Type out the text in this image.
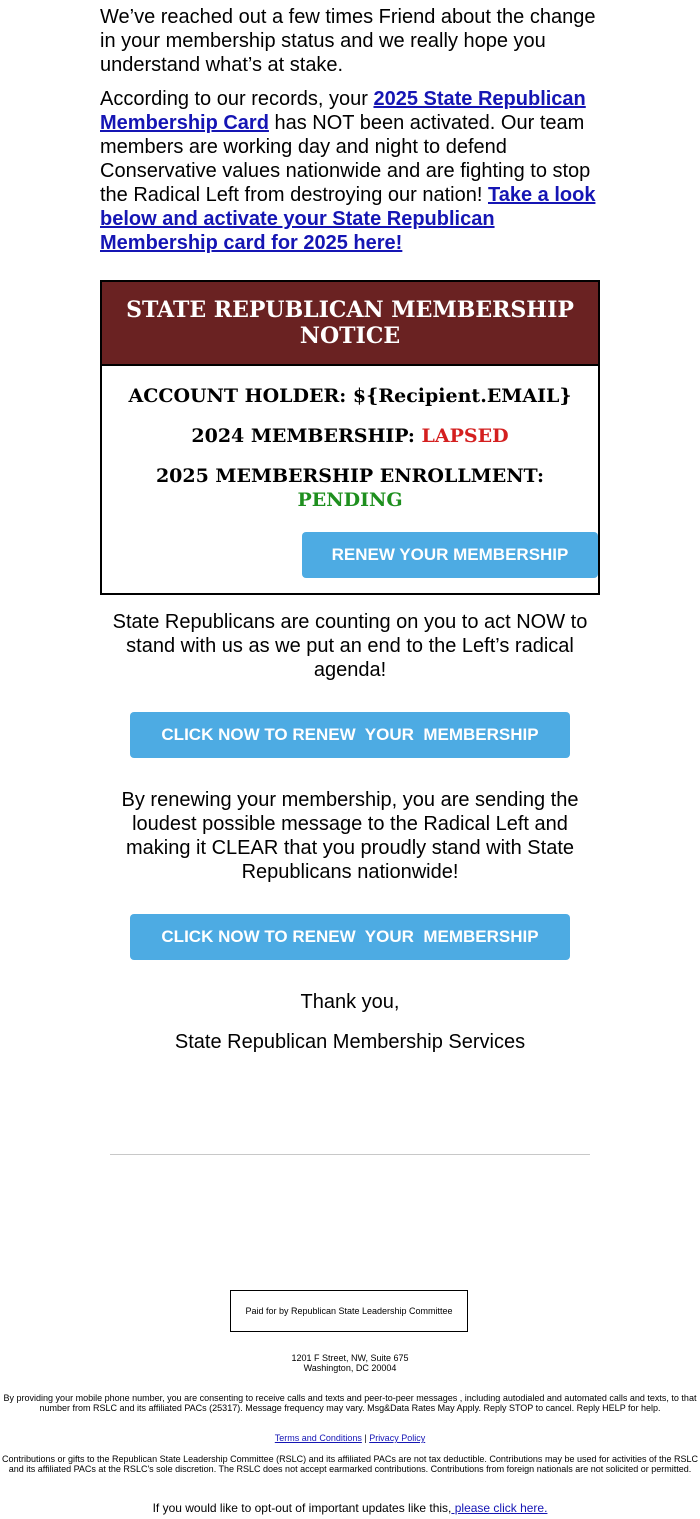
We’ve reached out a few times Friend about the change in your membership status and we really hope you understand what’s at stake.

According to our records, your 2025 State Republican Membership Card has NOT been activated. Our team members are working day and night to defend Conservative values nationwide and are fighting to stop the Radical Left from destroying our nation! Take a look below and activate your State Republican Membership card for 2025 here!

STATE REPUBLICAN MEMBERSHIP NOTICE
ACCOUNT HOLDER: ${Recipient.EMAIL}
2024 MEMBERSHIP: LAPSED
2025 MEMBERSHIP ENROLLMENT:
PENDING
RENEW YOUR MEMBERSHIP
State Republicans are counting on you to act NOW to stand with us as we put an end to the Left’s radical agenda!
CLICK NOW TO RENEW  YOUR  MEMBERSHIP
By renewing your membership, you are sending the loudest possible message to the Radical Left and making it CLEAR that you proudly stand with State Republicans nationwide!
CLICK NOW TO RENEW  YOUR  MEMBERSHIP
Thank you,
State Republican Membership Services
Paid for by Republican State Leadership Committee
1201 F Street, NW, Suite 675
Washington, DC 20004
By providing your mobile phone number, you are consenting to receive calls and texts and peer-to-peer messages , including autodialed and automated calls and texts, to that number from RSLC and its affiliated PACs (25317). Message frequency may vary. Msg&Data Rates May Apply. Reply STOP to cancel. Reply HELP for help.
Terms and Conditions | Privacy Policy
Contributions or gifts to the Republican State Leadership Committee (RSLC) and its affiliated PACs are not tax deductible. Contributions may be used for activities of the RSLC and its affiliated PACs at the RSLC's sole discretion. The RSLC does not accept earmarked contributions. Contributions from foreign nationals are not solicited or permitted.
If you would like to opt-out of important updates like this, please click here.
